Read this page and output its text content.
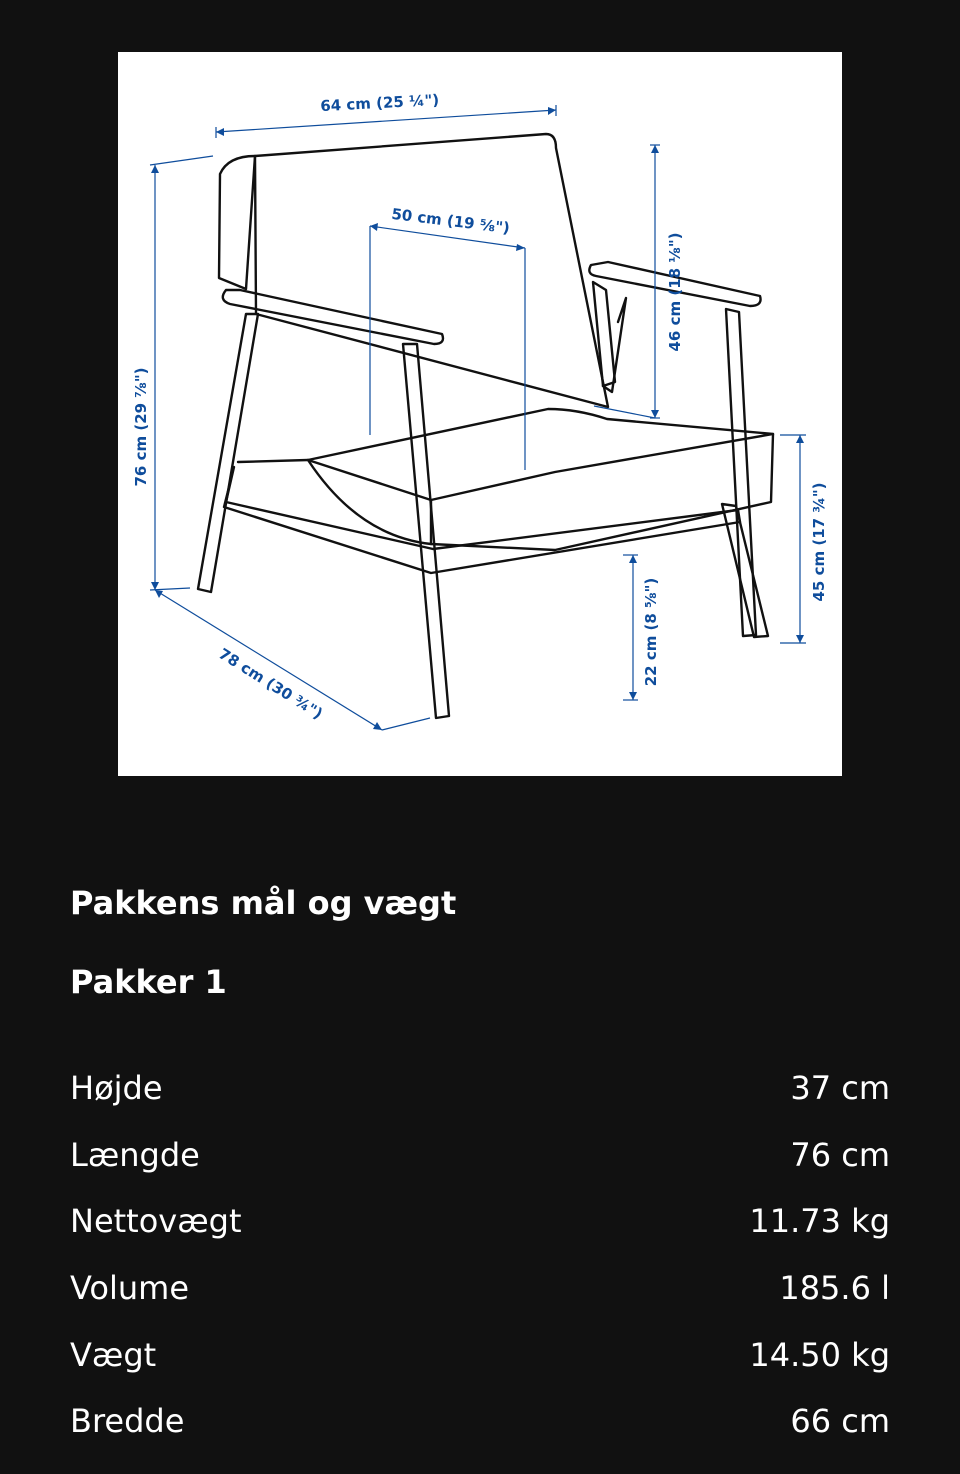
64 cm (25 ¼")
50 cm (19 ⅝")
46 cm (18 ⅛")
76 cm (29 ⅞")
45 cm (17 ¾")
22 cm (8 ⅝")
78 cm (30 ¾")
Pakkens mål og vægt
Pakker 1
Højde	37 cm
Længde	76 cm
Nettovægt	11.73 kg
Volume	185.6 l
Vægt	14.50 kg
Bredde	66 cm
